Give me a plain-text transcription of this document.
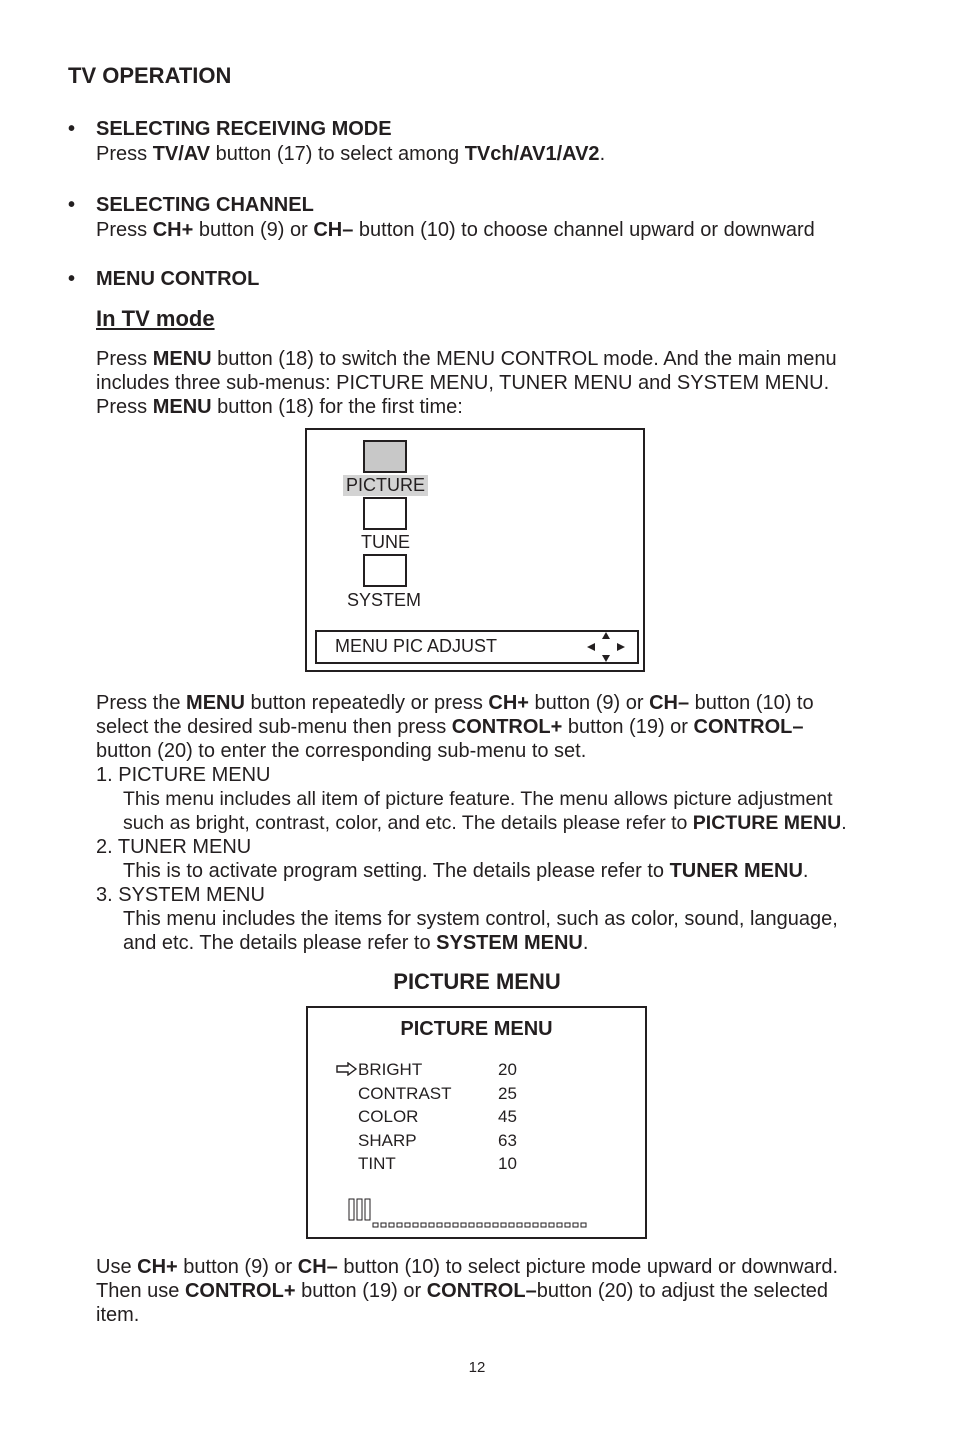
TV OPERATION
• SELECTING RECEIVING MODE
Press TV/AV button (17) to select among TVch/AV1/AV2.
• SELECTING CHANNEL
Press CH+ button (9) or CH– button (10) to choose channel upward or downward
• MENU CONTROL
In TV mode
Press MENU button (18) to switch the MENU CONTROL mode. And the main menu
includes three sub-menus: PICTURE MENU, TUNER MENU and SYSTEM MENU.
Press MENU button (18) for the first time:
PICTURE
TUNE
SYSTEM
MENU PIC ADJUST
Press the MENU button repeatedly or press CH+ button (9) or CH– button (10) to
select the desired sub-menu then press CONTROL+ button (19) or CONTROL–
button (20) to enter the corresponding sub-menu to set.
1. PICTURE MENU
This menu includes all item of picture feature. The menu allows picture adjustment
such as bright, contrast, color, and etc. The details please refer to PICTURE MENU.
2. TUNER MENU
This is to activate program setting. The details please refer to TUNER MENU.
3. SYSTEM MENU
This menu includes the items for system control, such as color, sound, language,
and etc. The details please refer to SYSTEM MENU.
PICTURE MENU
PICTURE MENU
BRIGHT	20
CONTRAST	25
COLOR	45
SHARP	63
TINT	10
Use CH+ button (9) or CH– button (10) to select picture mode upward or downward.
Then use CONTROL+ button (19) or CONTROL–button (20) to adjust the selected
item.
12
